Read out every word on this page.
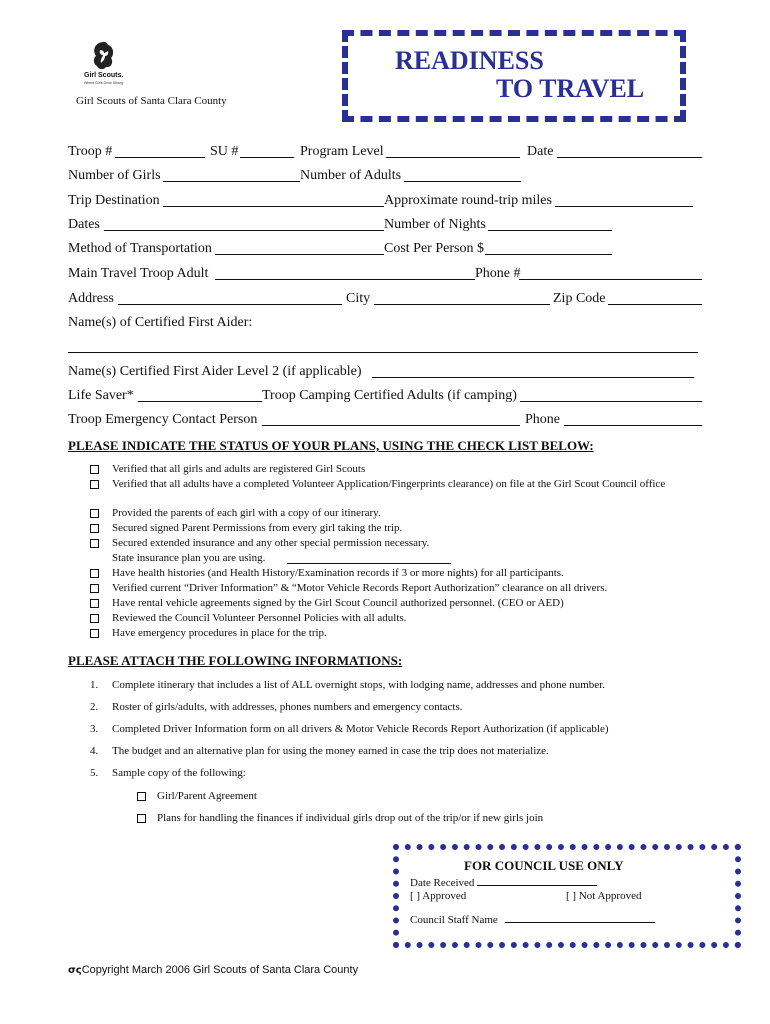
Girl Scouts.
Where Girls Grow Strong
Girl Scouts of Santa Clara County
READINESS
TO TRAVEL
Troop #	SU #	Program Level	Date
Number of Girls	Number of Adults
Trip Destination	Approximate round-trip miles
Dates	Number of Nights
Method of Transportation	Cost Per Person $
Main Travel Troop Adult	Phone #
Address	City	Zip Code
Name(s) of Certified First Aider:
Name(s) Certified First Aider Level 2 (if applicable)
Life Saver*	Troop Camping Certified Adults (if camping)
Troop Emergency Contact Person	Phone
PLEASE INDICATE THE STATUS OF YOUR PLANS, USING THE CHECK LIST BELOW:
Verified that all girls and adults are registered Girl Scouts
Verified that all adults have a completed Volunteer Application/Fingerprints clearance) on file at the Girl Scout Council office
Provided the parents of each girl with a copy of our itinerary.
Secured signed Parent Permissions from every girl taking the trip.
Secured extended insurance and any other special permission necessary.
State insurance plan you are using.
Have health histories (and Health History/Examination records if 3 or more nights) for all participants.
Verified current “Driver Information” & “Motor Vehicle Records Report Authorization” clearance on all drivers.
Have rental vehicle agreements signed by the Girl Scout Council authorized personnel. (CEO or AED)
Reviewed the Council Volunteer Personnel Policies with all adults.
Have emergency procedures in place for the trip.
PLEASE ATTACH THE FOLLOWING INFORMATIONS:
1. Complete itinerary that includes a list of ALL overnight stops, with lodging name, addresses and phone number.
2. Roster of girls/adults, with addresses, phones numbers and emergency contacts.
3. Completed Driver Information form on all drivers & Motor Vehicle Records Report Authorization (if applicable)
4. The budget and an alternative plan for using the money earned in case the trip does not materialize.
5. Sample copy of the following:
Girl/Parent Agreement
Plans for handling the finances if individual girls drop out of the trip/or if new girls join
FOR COUNCIL USE ONLY
Date Received
[ ] Approved	[ ] Not Approved
Council Staff Name
σςCopyright March 2006 Girl Scouts of Santa Clara County
